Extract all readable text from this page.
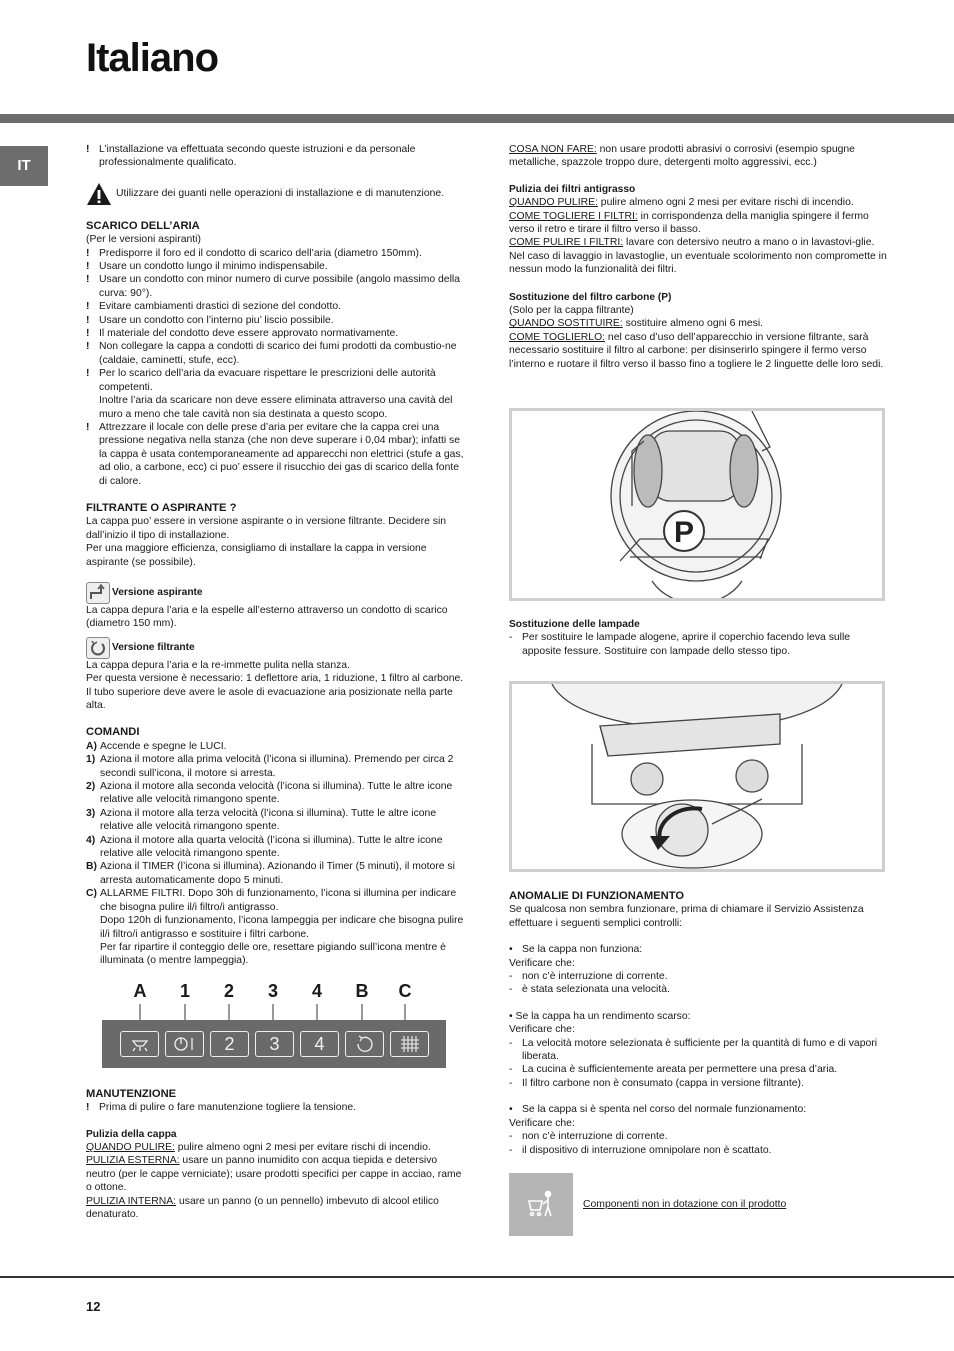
Italiano
IT
! L’installazione va effettuata secondo queste istruzioni e da personale professionalmente qualificato.
Utilizzare dei guanti nelle operazioni di installazione e di manutenzione.
SCARICO DELL’ARIA
(Per le versioni aspiranti)
! Predisporre il foro ed il condotto di scarico dell’aria (diametro 150mm).
! Usare un condotto lungo il minimo indispensabile.
! Usare un condotto con minor numero di curve possibile (angolo massimo della curva: 90°).
! Evitare cambiamenti drastici di sezione del condotto.
! Usare un condotto con l’interno piu’ liscio possibile.
! Il materiale del condotto deve essere approvato normativamente.
! Non collegare la cappa a condotti di scarico dei fumi prodotti da combustio-ne (caldaie, caminetti, stufe, ecc).
! Per lo scarico dell’aria da evacuare rispettare le prescrizioni delle autorità competenti.
Inoltre l’aria da scaricare non deve essere eliminata attraverso una cavità del muro a meno che tale cavità non sia destinata a questo scopo.
! Attrezzare il locale con delle prese d’aria per evitare che la cappa crei una pressione negativa nella stanza (che non deve superare i 0,04 mbar); infatti se la cappa è usata contemporaneamente ad apparecchi non elettrici (stufe a gas, ad olio, a carbone, ecc) ci puo’ essere il risucchio dei gas di scarico della fonte di calore.
FILTRANTE O ASPIRANTE ?
La cappa puo’ essere in versione aspirante o in versione filtrante. Decidere sin dall’inizio il tipo di installazione.
Per una maggiore efficienza, consigliamo di installare la cappa in versione aspirante (se possibile).
Versione aspirante
La cappa depura l’aria e la espelle all’esterno attraverso un condotto di scarico (diametro 150 mm).
Versione filtrante
La cappa depura l’aria e la re-immette pulita nella stanza.
Per questa versione è necessario: 1 deflettore aria, 1 riduzione, 1 filtro al carbone. Il tubo superiore deve avere le asole di evacuazione aria posizionate nella parte alta.
COMANDI
A) Accende e spegne le LUCI.
1) Aziona il motore alla prima velocità (l’icona si illumina). Premendo per circa 2 secondi sull’icona, il motore si arresta.
2) Aziona il motore alla seconda velocità (l’icona si illumina). Tutte le altre icone relative alle velocità rimangono spente.
3) Aziona il motore alla terza velocità (l’icona si illumina). Tutte le altre icone relative alle velocità rimangono spente.
4) Aziona il motore alla quarta velocità (l’icona si illumina). Tutte le altre icone relative alle velocità rimangono spente.
B) Aziona il TIMER (l’icona si illumina). Azionando il Timer (5 minuti), il motore si arresta automaticamente dopo 5 minuti.
C) ALLARME FILTRI. Dopo 30h di funzionamento, l’icona si illumina per indicare che bisogna pulire il/i filtro/i antigrasso.
Dopo 120h di funzionamento, l’icona lampeggia per indicare che bisogna pulire il/i filtro/i antigrasso e sostituire i filtri carbone.
Per far ripartire il conteggio delle ore, resettare pigiando sull’icona mentre è illuminata (o mentre lampeggia).
A	1	2	3	4	B	C
2	3	4
MANUTENZIONE
! Prima di pulire o fare manutenzione togliere la tensione.
Pulizia della cappa
QUANDO PULIRE: pulire almeno ogni 2 mesi per evitare rischi di incendio.
PULIZIA ESTERNA: usare un panno inumidito con acqua tiepida e detersivo neutro (per le cappe verniciate); usare prodotti specifici per cappe in acciao, rame o ottone.
PULIZIA INTERNA: usare un panno (o un pennello) imbevuto di alcool etilico denaturato.
COSA NON FARE: non usare prodotti abrasivi o corrosivi (esempio spugne metalliche, spazzole troppo dure, detergenti molto aggressivi, ecc.)
Pulizia dei filtri antigrasso
QUANDO PULIRE: pulire almeno ogni 2 mesi per evitare rischi di incendio.
COME TOGLIERE I FILTRI: in corrispondenza della maniglia spingere il fermo verso il retro e tirare il filtro verso il basso.
COME PULIRE I FILTRI: lavare con detersivo neutro a mano o in lavastovi-glie. Nel caso di lavaggio in lavastoglie, un eventuale scolorimento non compromette in nessun modo la funzionalità dei filtri.
Sostituzione del filtro carbone (P)
(Solo per la cappa filtrante)
QUANDO SOSTITUIRE: sostituire almeno ogni 6 mesi.
COME TOGLIERLO: nel caso d’uso dell’apparecchio in versione filtrante, sarà necessario sostituire il filtro al carbone: per disinserirlo spingere il fermo verso l’interno e ruotare il filtro verso il basso fino a togliere le 2 linguette delle loro sedi.
P
Sostituzione delle lampade
- Per sostituire le lampade alogene, aprire il coperchio facendo leva sulle apposite fessure. Sostituire con lampade dello stesso tipo.
ANOMALIE DI FUNZIONAMENTO
Se qualcosa non sembra funzionare, prima di chiamare il Servizio Assistenza effettuare i seguenti semplici controlli:
• Se la cappa non funziona:
Verificare che:
- non c’è interruzione di corrente.
- è stata selezionata una velocità.
• Se la cappa ha un rendimento scarso:
Verificare che:
- La velocità motore selezionata è sufficiente per la quantità di fumo e di vapori liberata.
- La cucina è sufficientemente areata per permettere una presa d’aria.
- Il filtro carbone non è consumato (cappa in versione filtrante).
• Se la cappa si è spenta nel corso del normale funzionamento:
Verificare che:
- non c’è interruzione di corrente.
- il dispositivo di interruzione omnipolare non è scattato.
Componenti non in dotazione con il prodotto
12
